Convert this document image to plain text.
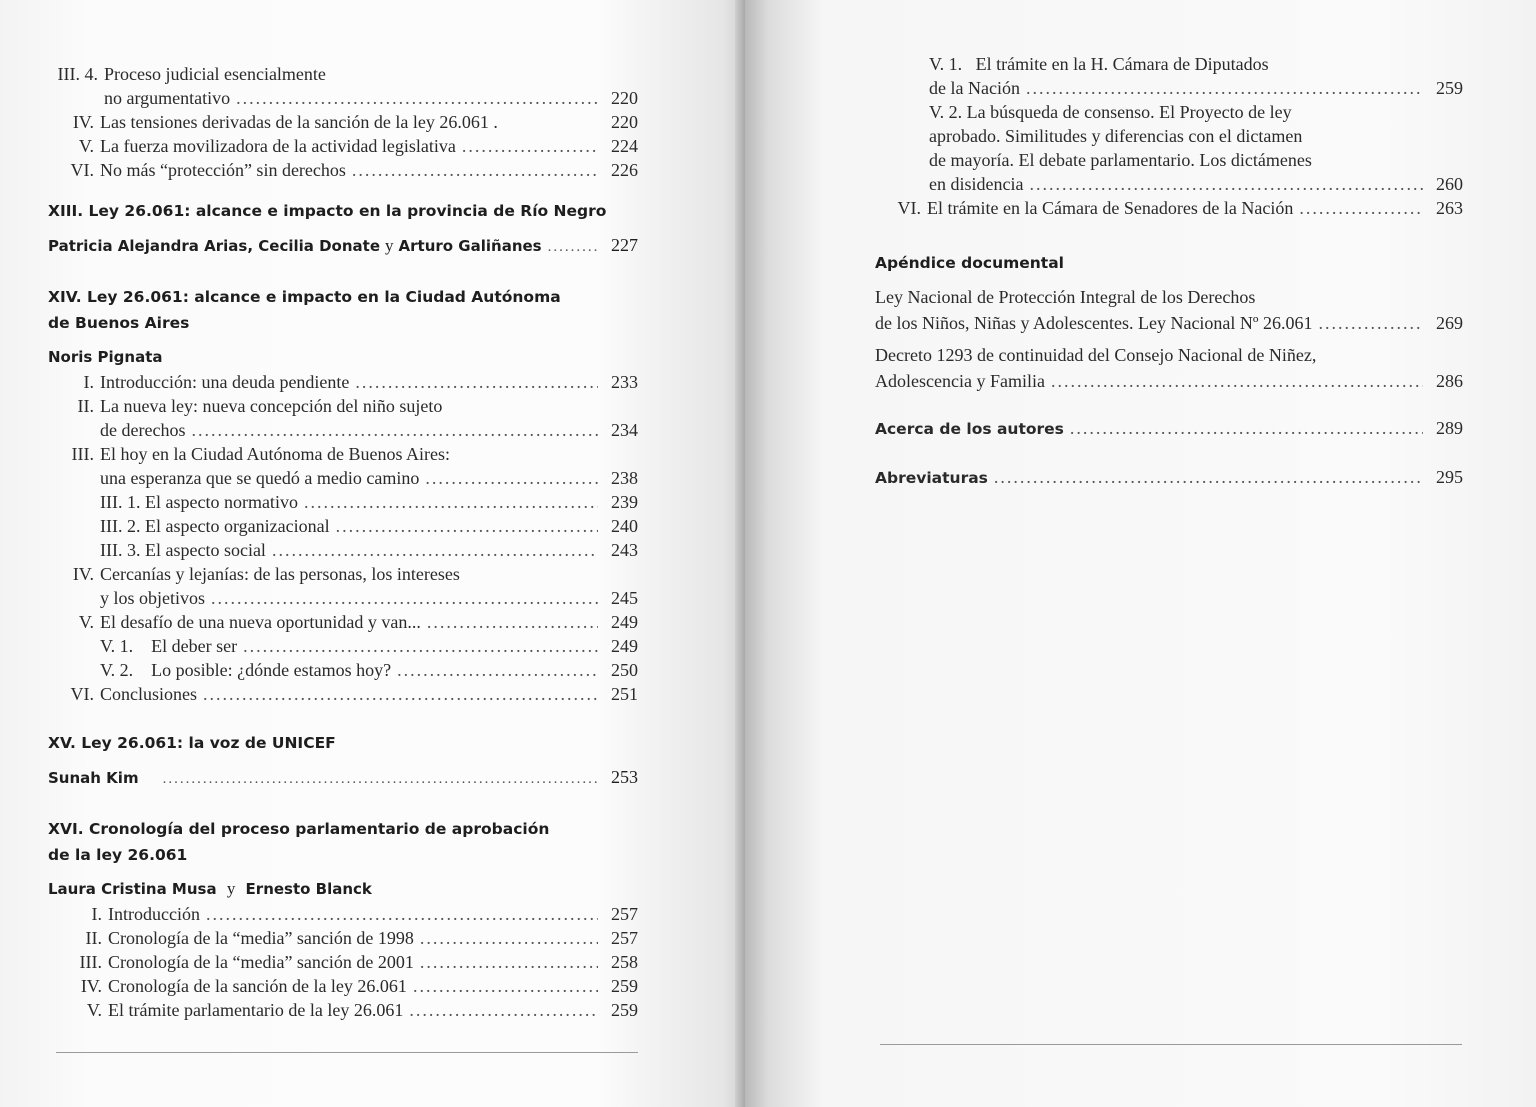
III. 4. Proceso judicial esencialmente
no argumentativo .....	220
IV. Las tensiones derivadas de la sanción de la ley 26.061 .	220
V. La fuerza movilizadora de la actividad legislativa .....	224
VI. No más “protección” sin derechos .....	226
XIII. Ley 26.061: alcance e impacto en la provincia de Río Negro
Patricia Alejandra Arias, Cecilia Donate y Arturo Galiñanes .....	227
XIV. Ley 26.061: alcance e impacto en la Ciudad Autónoma
de Buenos Aires
Noris Pignata
I. Introducción: una deuda pendiente .....	233
II. La nueva ley: nueva concepción del niño sujeto
de derechos .....	234
III. El hoy en la Ciudad Autónoma de Buenos Aires:
una esperanza que se quedó a medio camino .....	238
III. 1. El aspecto normativo .....	239
III. 2. El aspecto organizacional .....	240
III. 3. El aspecto social .....	243
IV. Cercanías y lejanías: de las personas, los intereses
y los objetivos .....	245
V. El desafío de una nueva oportunidad y van... .....	249
V. 1.    El deber ser .....	249
V. 2.    Lo posible: ¿dónde estamos hoy? .....	250
VI. Conclusiones .....	251
XV. Ley 26.061: la voz de UNICEF
Sunah Kim .....	253
XVI. Cronología del proceso parlamentario de aprobación
de la ley 26.061
Laura Cristina Musa y Ernesto Blanck
I. Introducción .....	257
II. Cronología de la “media” sanción de 1998 .....	257
III. Cronología de la “media” sanción de 2001 .....	258
IV. Cronología de la sanción de la ley 26.061 .....	259
V. El trámite parlamentario de la ley 26.061 .....	259
V. 1.   El trámite en la H. Cámara de Diputados
de la Nación .....	259
V. 2. La búsqueda de consenso. El Proyecto de ley
aprobado. Similitudes y diferencias con el dictamen
de mayoría. El debate parlamentario. Los dictámenes
en disidencia .....	260
VI. El trámite en la Cámara de Senadores de la Nación .....	263
Apéndice documental
Ley Nacional de Protección Integral de los Derechos
de los Niños, Niñas y Adolescentes. Ley Nacional Nº 26.061 .....	269
Decreto 1293 de continuidad del Consejo Nacional de Niñez,
Adolescencia y Familia .....	286
Acerca de los autores .....	289
Abreviaturas .....	295
